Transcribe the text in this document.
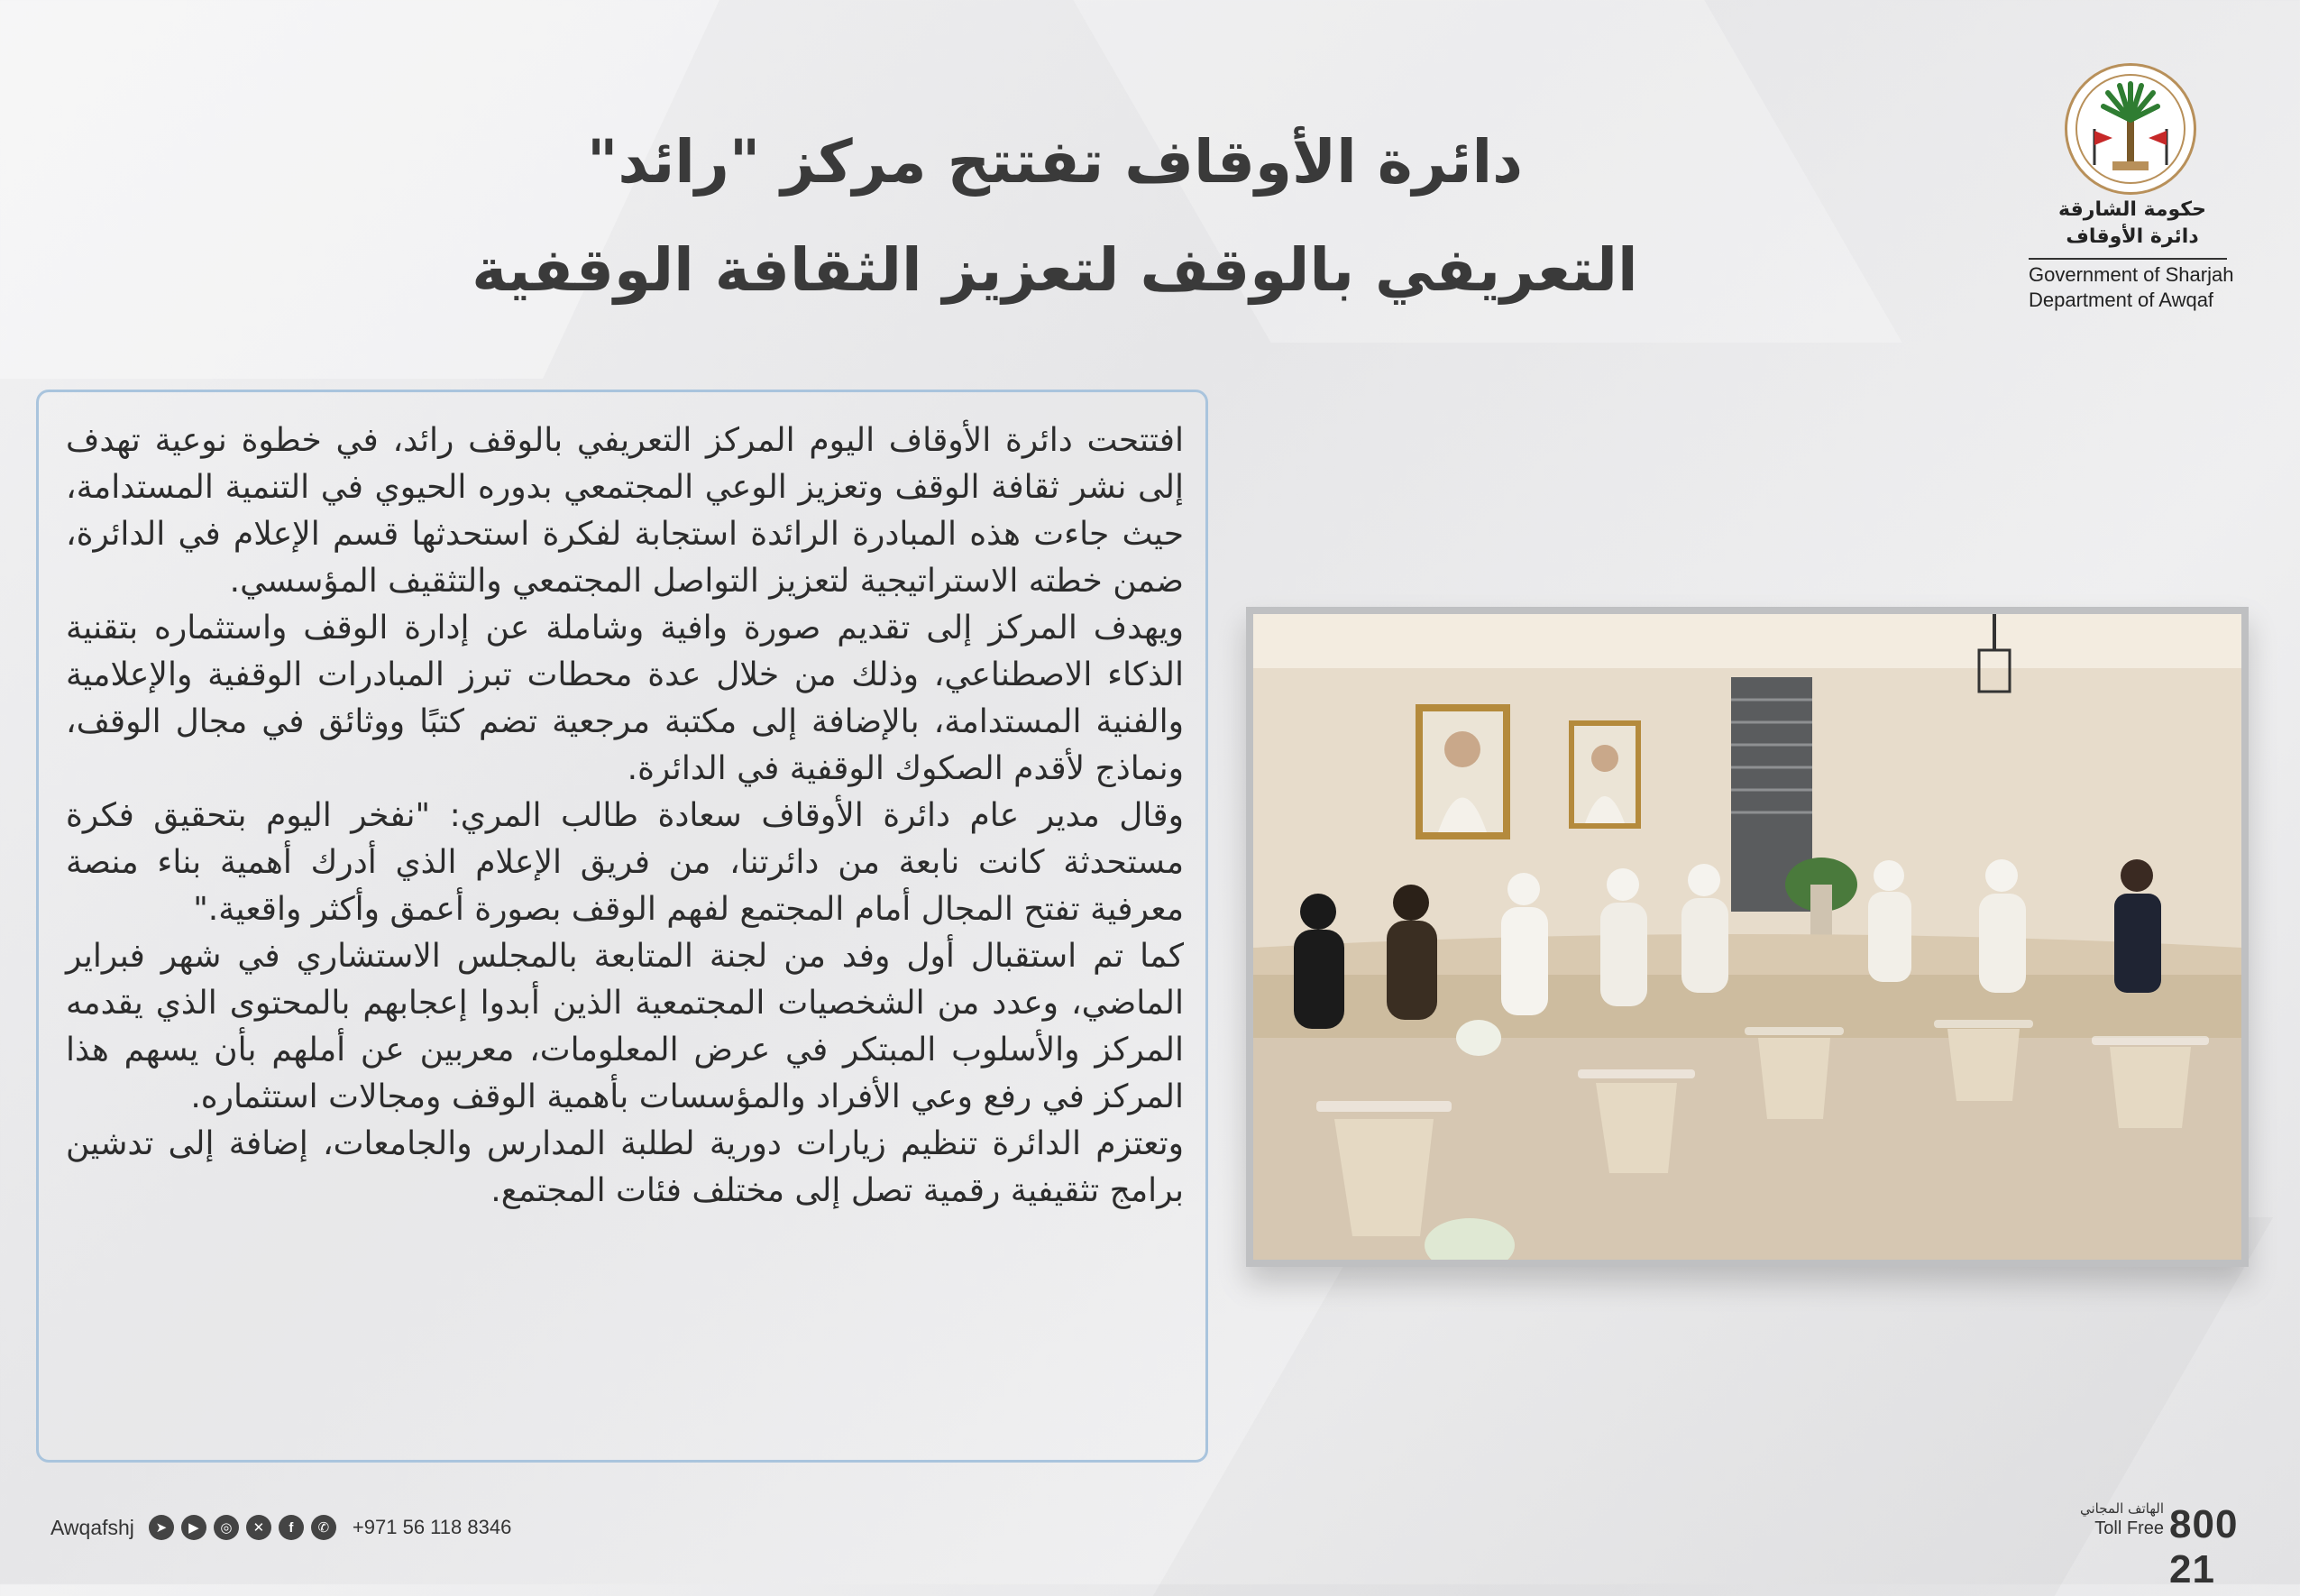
دائرة الأوقاف تفتتح مركز "رائد"
التعريفي بالوقف لتعزيز الثقافة الوقفية
حكومة الشارقة
دائرة الأوقاف
Government of Sharjah
Department of Awqaf

افتتحت دائرة الأوقاف اليوم المركز التعريفي بالوقف رائد، في خطوة نوعية تهدف إلى نشر ثقافة الوقف وتعزيز الوعي المجتمعي بدوره الحيوي في التنمية المستدامة، حيث جاءت هذه المبادرة الرائدة استجابة لفكرة استحدثها قسم الإعلام في الدائرة، ضمن خطته الاستراتيجية لتعزيز التواصل المجتمعي والتثقيف المؤسسي.

ويهدف المركز إلى تقديم صورة وافية وشاملة عن إدارة الوقف واستثماره بتقنية الذكاء الاصطناعي، وذلك من خلال عدة محطات تبرز المبادرات الوقفية والإعلامية والفنية المستدامة، بالإضافة إلى مكتبة مرجعية تضم كتبًا ووثائق في مجال الوقف، ونماذج لأقدم الصكوك الوقفية في الدائرة.

وقال مدير عام دائرة الأوقاف سعادة طالب المري: "نفخر اليوم بتحقيق فكرة مستحدثة كانت نابعة من دائرتنا، من فريق الإعلام الذي أدرك أهمية بناء منصة معرفية تفتح المجال أمام المجتمع لفهم الوقف بصورة أعمق وأكثر واقعية."

كما تم استقبال أول وفد من لجنة المتابعة بالمجلس الاستشاري في شهر فبراير الماضي، وعدد من الشخصيات المجتمعية الذين أبدوا إعجابهم بالمحتوى الذي يقدمه المركز والأسلوب المبتكر في عرض المعلومات، معربين عن أملهم بأن يسهم هذا المركز في رفع وعي الأفراد والمؤسسات بأهمية الوقف ومجالات استثماره.

وتعتزم الدائرة تنظيم زيارات دورية لطلبة المدارس والجامعات، إضافة إلى تدشين برامج تثقيفية رقمية تصل إلى مختلف فئات المجتمع.

Awqafshj	➤	▶	◎	✕	f	✆	+971 56 118 8346
الهاتف المجاني
Toll Free 800 21
